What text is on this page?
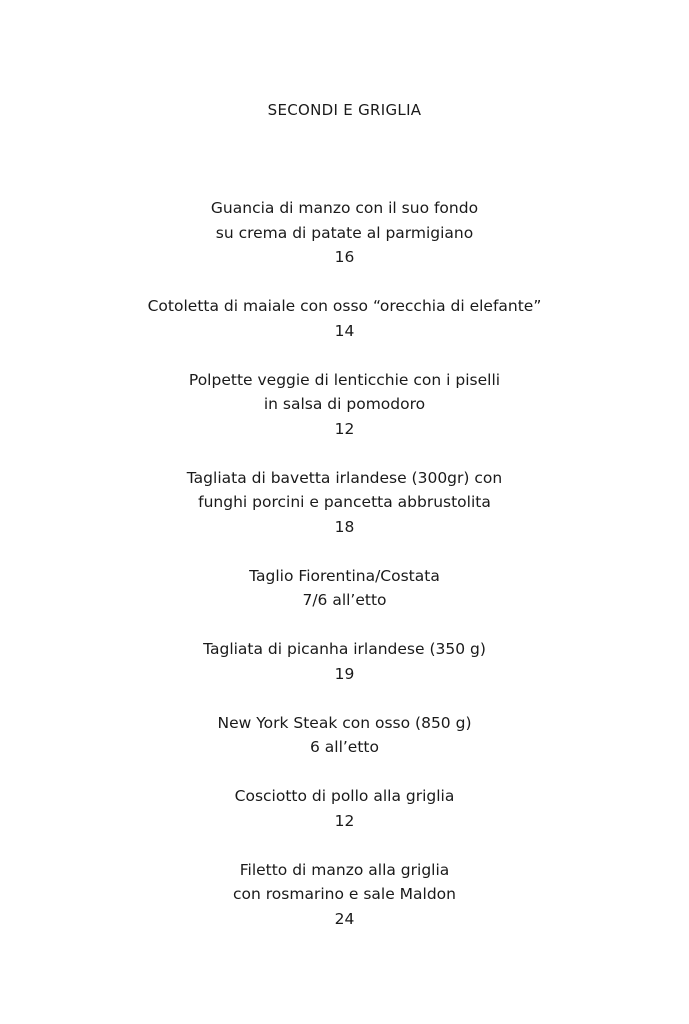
SECONDI E GRIGLIA
Guancia di manzo con il suo fondo
su crema di patate al parmigiano
16
Cotoletta di maiale con osso “orecchia di elefante”
14
Polpette veggie di lenticchie con i piselli
in salsa di pomodoro
12
Tagliata di bavetta irlandese (300gr) con
funghi porcini e pancetta abbrustolita
18
Taglio Fiorentina/Costata
7/6 all’etto
Tagliata di picanha irlandese (350 g)
19
New York Steak con osso (850 g)
6 all’etto
Cosciotto di pollo alla griglia
12
Filetto di manzo alla griglia
con rosmarino e sale Maldon
24
